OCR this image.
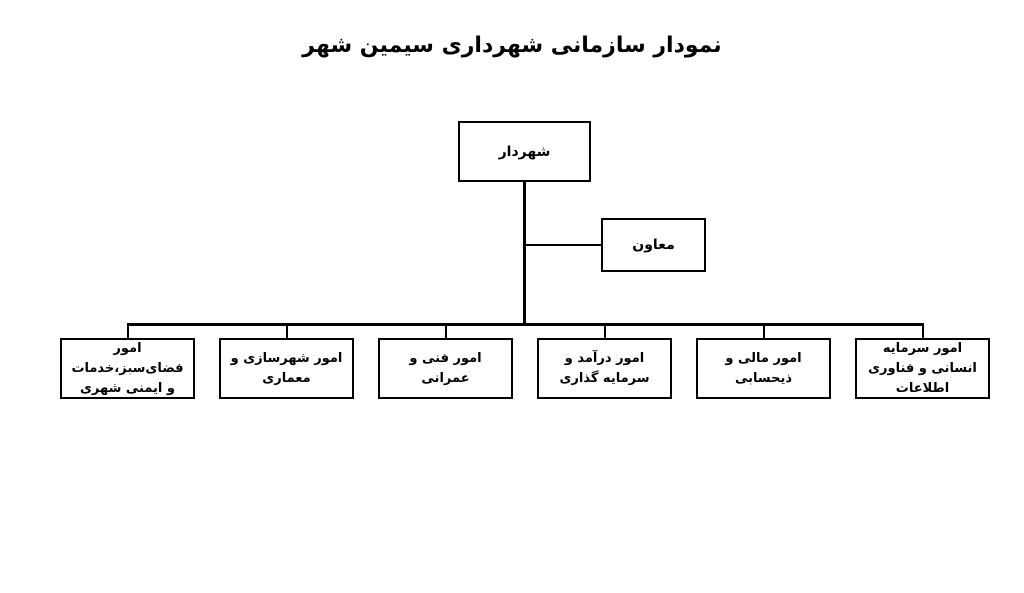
نمودار سازمانی شهرداری سیمین شهر
شهردار
معاون
امور سرمایه انسانی و فناوری اطلاعات
امور مالی و ذیحسابی
امور درآمد و سرمایه گذاری
امور فنی و عمرانی
امور شهرسازی و معماری
امور فضای‌سبز،خدمات و ایمنی شهری
